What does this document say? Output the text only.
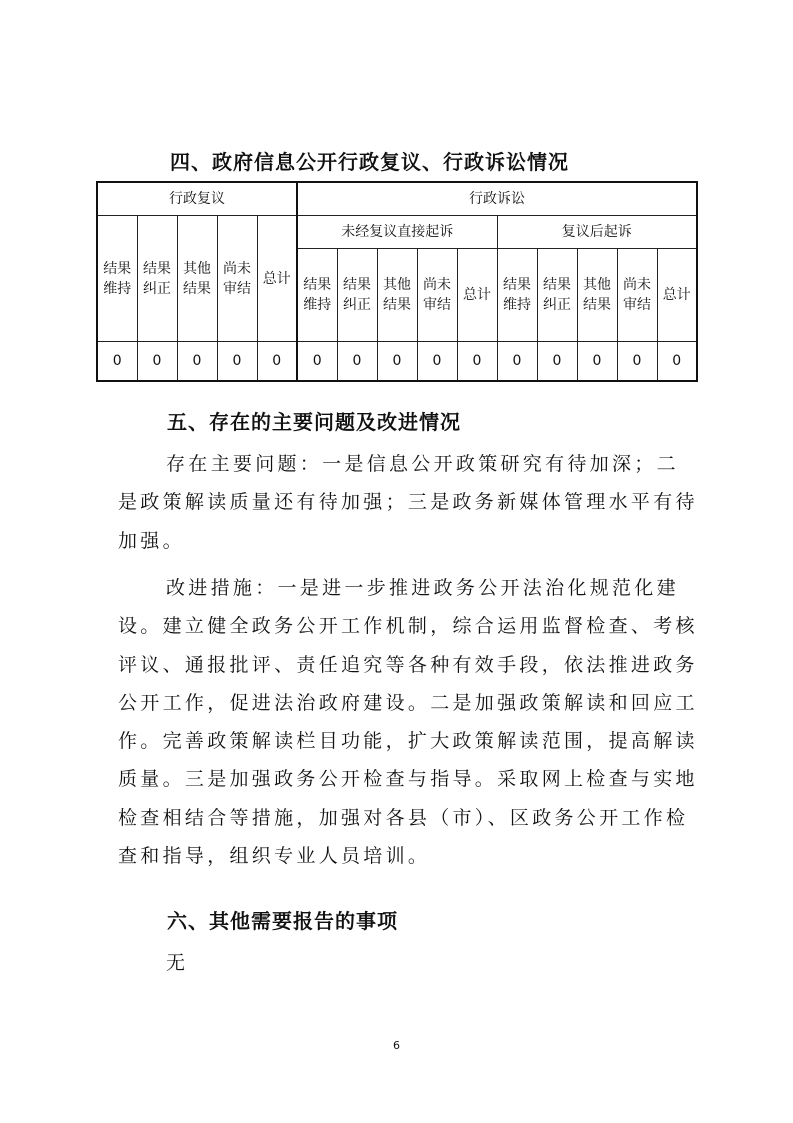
四、政府信息公开行政复议、行政诉讼情况
行政复议					行政诉讼									
结果维持	结果纠正	其他结果	尚未审结	总计	未经复议直接起诉					复议后起诉				
					结果维持	结果纠正	其他结果	尚未审结	总计	结果维持	结果纠正	其他结果	尚未审结	总计
0	0	0	0	0	0	0	0	0	0	0	0	0	0	0
五、存在的主要问题及改进情况
存在主要问题：一是信息公开政策研究有待加深；二是政策解读质量还有待加强；三是政务新媒体管理水平有待加强。
改进措施：一是进一步推进政务公开法治化规范化建设。建立健全政务公开工作机制，综合运用监督检查、考核评议、通报批评、责任追究等各种有效手段，依法推进政务公开工作，促进法治政府建设。二是加强政策解读和回应工作。完善政策解读栏目功能，扩大政策解读范围，提高解读质量。三是加强政务公开检查与指导。采取网上检查与实地检查相结合等措施，加强对各县（市）、区政务公开工作检查和指导，组织专业人员培训。
六、其他需要报告的事项
无
6
